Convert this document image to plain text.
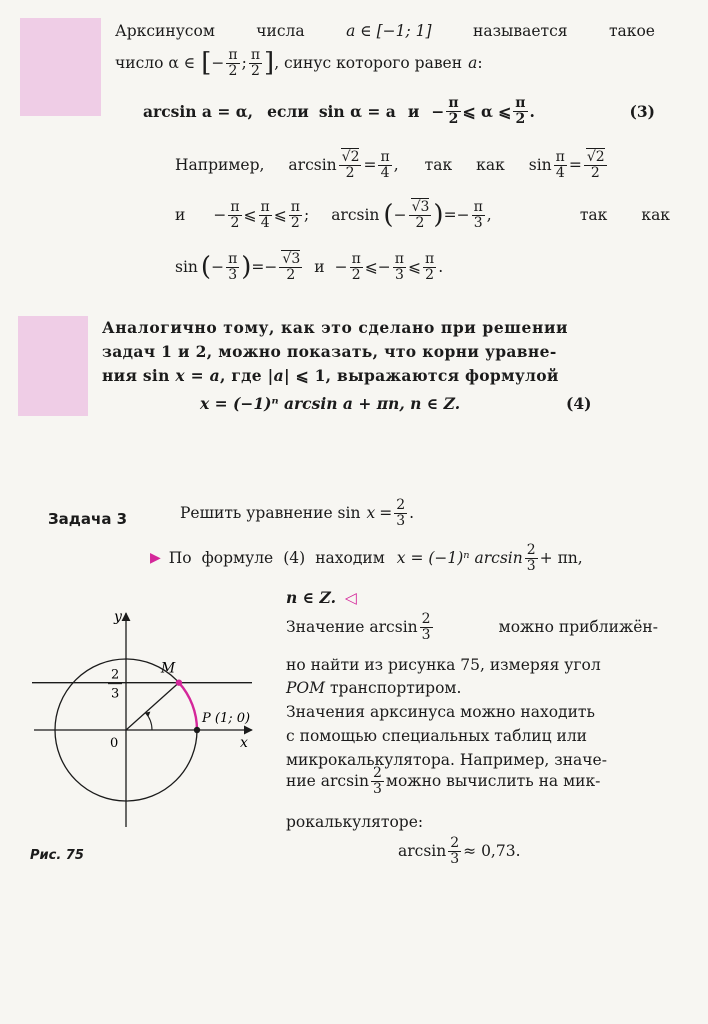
Арксинусом	числа	a ∈ [−1; 1]	называется	такое
число α ∈ [ − $\frac{\pi}{2}$ ; $\frac{\pi}{2}$ ] , синус которого равен a :
arcsin a = α, если sin α = a $и - \frac{\pi}{2}$ ⩽ α ⩽ $\frac{\pi}{2}$ .	(3)
Например, $\arcsin \frac{√2}{2} = \frac{\pi}{4}$ , так как $\sin \frac{\pi}{4} = \frac{√2}{2}$
$и - \frac{\pi}{2}$ ⩽ $\frac{\pi}{4}$ ⩽ $\frac{\pi}{2}$ ; arcsin ( − $\frac{√3}{2}$ ) = − $\frac{\pi}{3}$ ,	так как
sin ( − $\frac{\pi}{3}$ ) = − $\frac{√3}{2}$ $и - \frac{\pi}{2}$ ⩽ − $\frac{\pi}{3}$ ⩽ $\frac{\pi}{2}$ .
Аналогично тому, как это сделано при решении
задач 1 и 2, можно показать, что корни уравне-
ния sin x = a, где |a| ⩽ 1, выражаются формулой
x = (−1)ⁿ arcsin a + πn, n ∈ Z.	(4)
Задача 3	Решить уравнение $\sin x = \frac{2}{3}$ .
▶ По формуле (4) находим x = (−1)ⁿ $\arcsin \frac{2}{3} + \pi n$,
n ∈ Z. ◁
Значение $\arcsin \frac{2}{3}$	можно приближён-
но найти из рисунка 75, измеряя угол
POM транспортиром.
Значения арксинуса можно находить
с помощью специальных таблиц или
микрокалькулятора. Например, значе-
ние $\arcsin \frac{2}{3}$ можно вычислить на мик-
рокалькуляторе:
$\arcsin \frac{2}{3} \approx 0,73$.
y
x
0
M
P (1; 0)
2
3
Рис. 75
